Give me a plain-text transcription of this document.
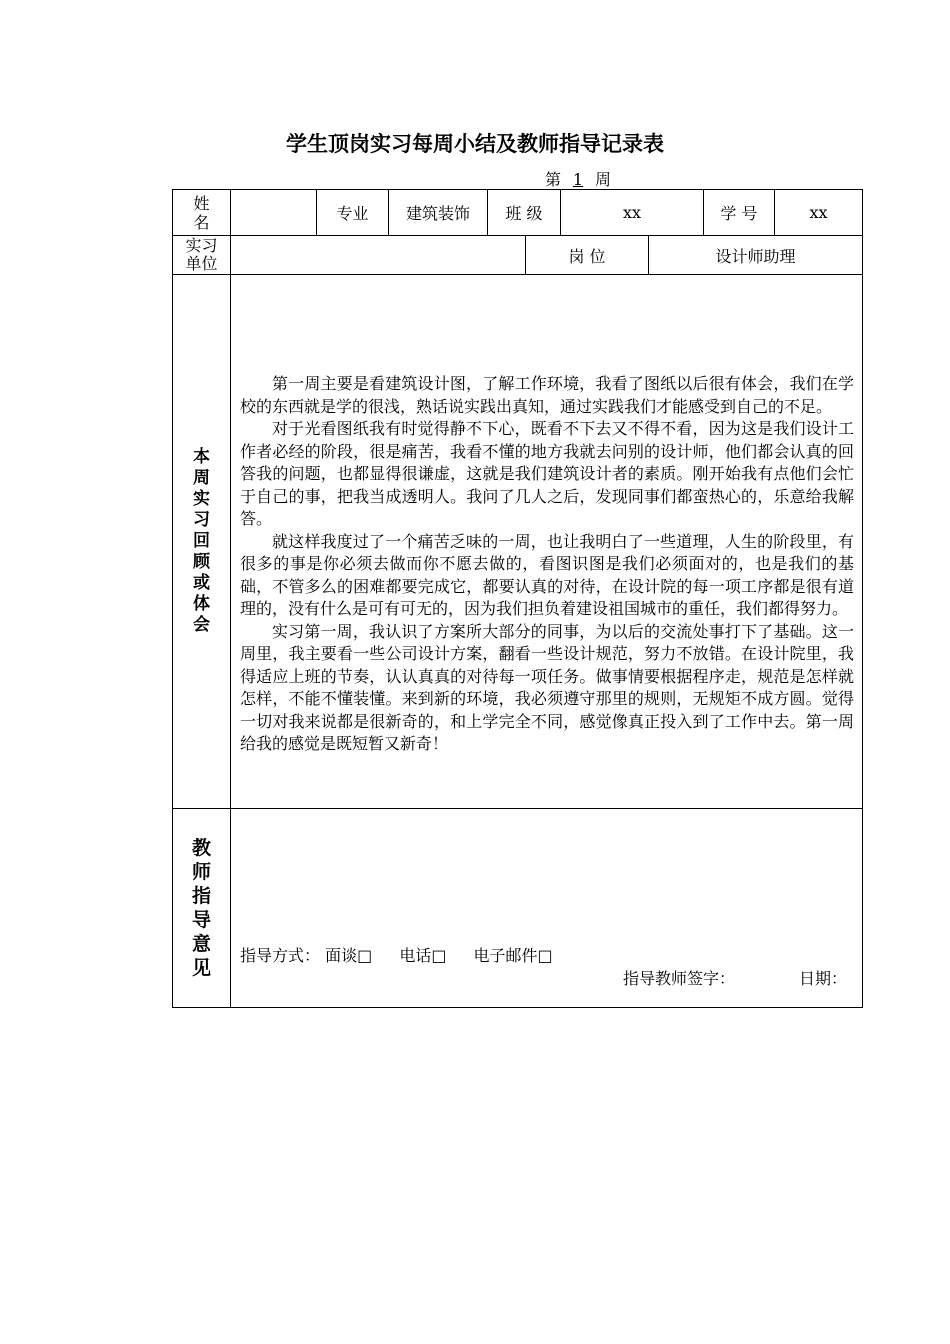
学生顶岗实习每周小结及教师指导记录表
第 1 周
姓名		专业	建筑装饰	班 级		xx		学 号	xx

实习单位					岗 位		设计师助理		

本周实习回顾或体会	第一周主要是看建筑设计图，了解工作环境，我看了图纸以后很有体会，我们在学校的东西就是学的很浅，熟话说实践出真知，通过实践我们才能感受到自己的不足。

对于光看图纸我有时觉得静不下心，既看不下去又不得不看，因为这是我们设计工作者必经的阶段，很是痛苦，我看不懂的地方我就去问别的设计师，他们都会认真的回答我的问题，也都显得很谦虚，这就是我们建筑设计者的素质。刚开始我有点他们会忙于自己的事，把我当成透明人。我问了几人之后，发现同事们都蛮热心的，乐意给我解答。

就这样我度过了一个痛苦乏味的一周，也让我明白了一些道理，人生的阶段里，有很多的事是你必须去做而你不愿去做的，看图识图是我们必须面对的，也是我们的基础，不管多么的困难都要完成它，都要认真的对待，在设计院的每一项工序都是很有道理的，没有什么是可有可无的，因为我们担负着建设祖国城市的重任，我们都得努力。

实习第一周，我认识了方案所大部分的同事，为以后的交流处事打下了基础。这一周里，我主要看一些公司设计方案，翻看一些设计规范，努力不放错。在设计院里，我得适应上班的节奏，认认真真的对待每一项任务。做事情要根据程序走，规范是怎样就怎样，不能不懂装懂。来到新的环境，我必须遵守那里的规则，无规矩不成方圆。觉得一切对我来说都是很新奇的，和上学完全不同，感觉像真正投入到了工作中去。第一周给我的感觉是既短暂又新奇！								

教师指导意见	指导方式： 面谈□ 电话□ 电子邮件□
指导教师签字： 日期：								
